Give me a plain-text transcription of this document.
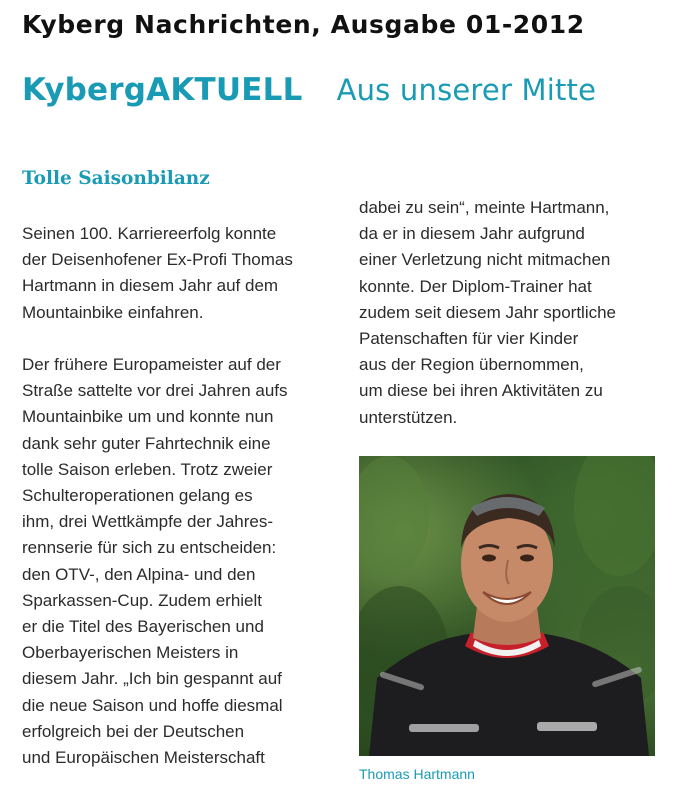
Kyberg Nachrichten, Ausgabe 01-2012
KybergAKTUELL Aus unserer Mitte
Tolle Saisonbilanz

Seinen 100. Karriereerfolg konnte
der Deisenhofener Ex-Profi Thomas
Hartmann in diesem Jahr auf dem
Mountainbike einfahren.

Der frühere Europameister auf der
Straße sattelte vor drei Jahren aufs
Mountainbike um und konnte nun
dank sehr guter Fahrtechnik eine
tolle Saison erleben. Trotz zweier
Schulteroperationen gelang es
ihm, drei Wettkämpfe der Jahres-
rennserie für sich zu entscheiden:
den OTV-, den Alpina- und den
Sparkassen-Cup. Zudem erhielt
er die Titel des Bayerischen und
Oberbayerischen Meisters in
diesem Jahr. „Ich bin gespannt auf
die neue Saison und hoffe diesmal
erfolgreich bei der Deutschen
und Europäischen Meisterschaft

dabei zu sein“, meinte Hartmann,
da er in diesem Jahr aufgrund
einer Verletzung nicht mitmachen
konnte. Der Diplom-Trainer hat
zudem seit diesem Jahr sportliche
Patenschaften für vier Kinder
aus der Region übernommen,
um diese bei ihren Aktivitäten zu
unterstützen.

Thomas Hartmann
